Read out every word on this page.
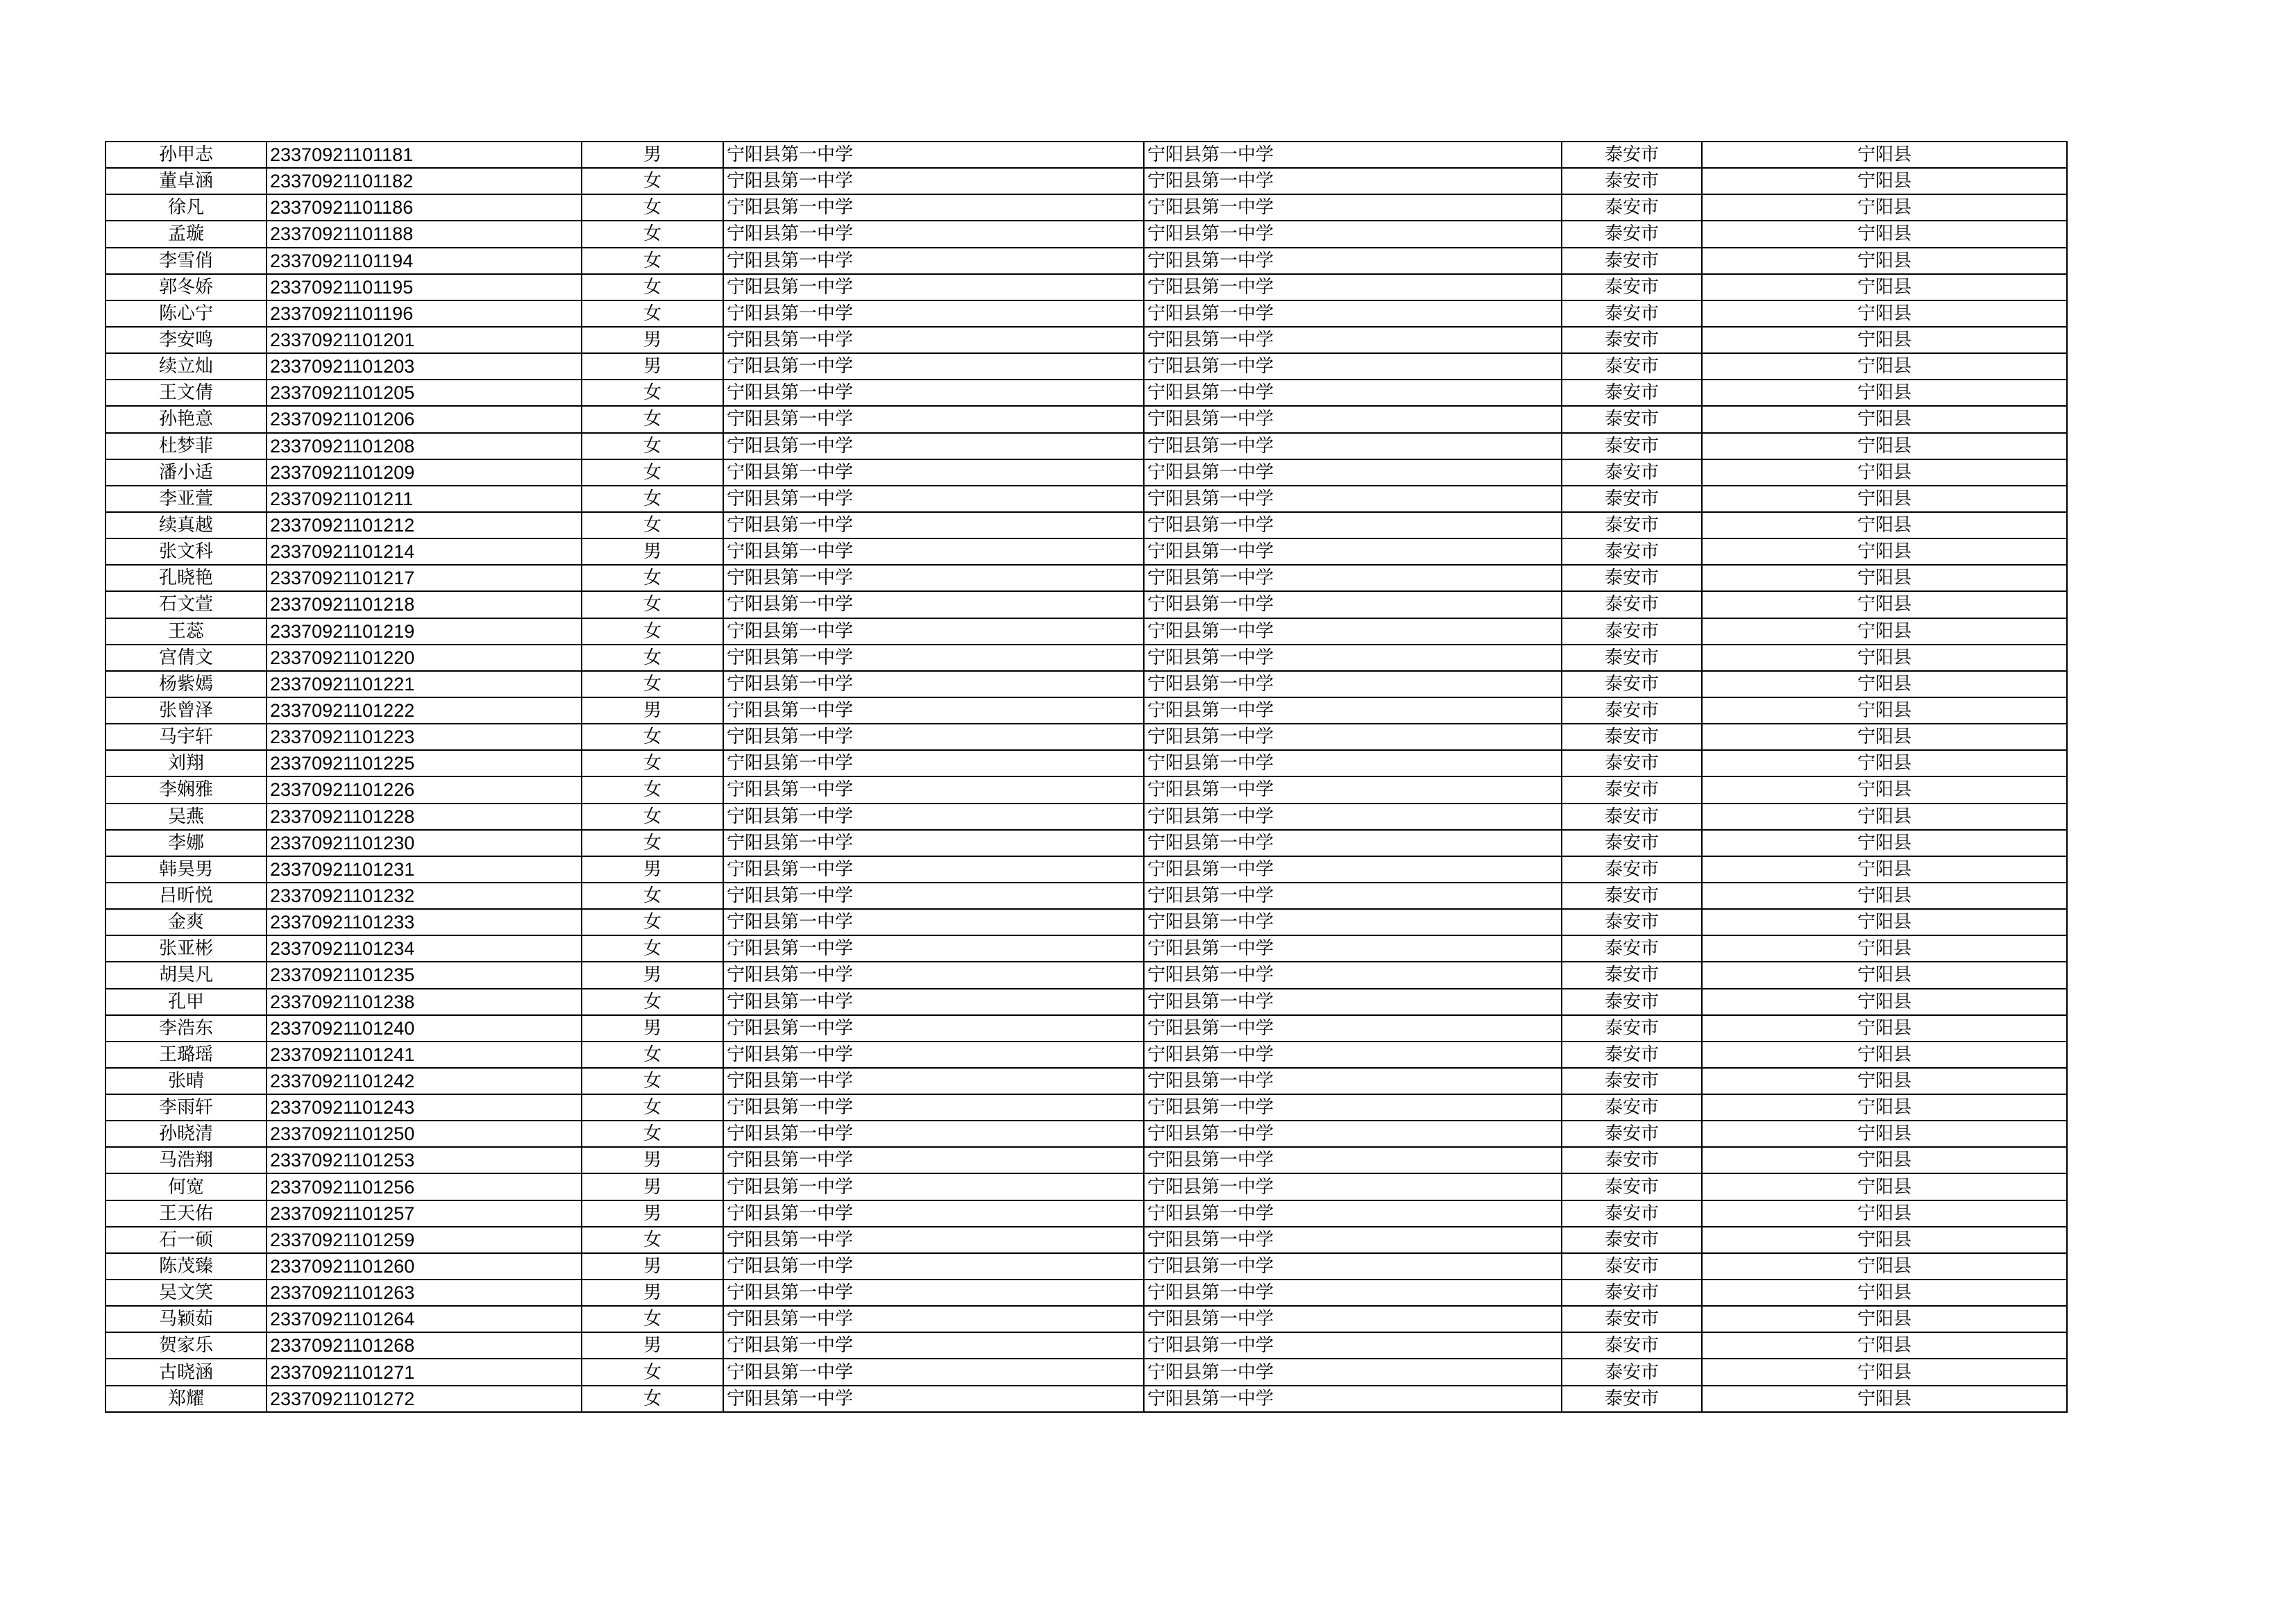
孙甲志	23370921101181	男	宁阳县第一中学	宁阳县第一中学	泰安市	宁阳县
董卓涵	23370921101182	女	宁阳县第一中学	宁阳县第一中学	泰安市	宁阳县
徐凡	23370921101186	女	宁阳县第一中学	宁阳县第一中学	泰安市	宁阳县
孟璇	23370921101188	女	宁阳县第一中学	宁阳县第一中学	泰安市	宁阳县
李雪俏	23370921101194	女	宁阳县第一中学	宁阳县第一中学	泰安市	宁阳县
郭冬娇	23370921101195	女	宁阳县第一中学	宁阳县第一中学	泰安市	宁阳县
陈心宁	23370921101196	女	宁阳县第一中学	宁阳县第一中学	泰安市	宁阳县
李安鸣	23370921101201	男	宁阳县第一中学	宁阳县第一中学	泰安市	宁阳县
续立灿	23370921101203	男	宁阳县第一中学	宁阳县第一中学	泰安市	宁阳县
王文倩	23370921101205	女	宁阳县第一中学	宁阳县第一中学	泰安市	宁阳县
孙艳意	23370921101206	女	宁阳县第一中学	宁阳县第一中学	泰安市	宁阳县
杜梦菲	23370921101208	女	宁阳县第一中学	宁阳县第一中学	泰安市	宁阳县
潘小适	23370921101209	女	宁阳县第一中学	宁阳县第一中学	泰安市	宁阳县
李亚萱	23370921101211	女	宁阳县第一中学	宁阳县第一中学	泰安市	宁阳县
续真越	23370921101212	女	宁阳县第一中学	宁阳县第一中学	泰安市	宁阳县
张文科	23370921101214	男	宁阳县第一中学	宁阳县第一中学	泰安市	宁阳县
孔晓艳	23370921101217	女	宁阳县第一中学	宁阳县第一中学	泰安市	宁阳县
石文萱	23370921101218	女	宁阳县第一中学	宁阳县第一中学	泰安市	宁阳县
王蕊	23370921101219	女	宁阳县第一中学	宁阳县第一中学	泰安市	宁阳县
宫倩文	23370921101220	女	宁阳县第一中学	宁阳县第一中学	泰安市	宁阳县
杨紫嫣	23370921101221	女	宁阳县第一中学	宁阳县第一中学	泰安市	宁阳县
张曾泽	23370921101222	男	宁阳县第一中学	宁阳县第一中学	泰安市	宁阳县
马宇轩	23370921101223	女	宁阳县第一中学	宁阳县第一中学	泰安市	宁阳县
刘翔	23370921101225	女	宁阳县第一中学	宁阳县第一中学	泰安市	宁阳县
李娴雅	23370921101226	女	宁阳县第一中学	宁阳县第一中学	泰安市	宁阳县
吴燕	23370921101228	女	宁阳县第一中学	宁阳县第一中学	泰安市	宁阳县
李娜	23370921101230	女	宁阳县第一中学	宁阳县第一中学	泰安市	宁阳县
韩昊男	23370921101231	男	宁阳县第一中学	宁阳县第一中学	泰安市	宁阳县
吕昕悦	23370921101232	女	宁阳县第一中学	宁阳县第一中学	泰安市	宁阳县
金爽	23370921101233	女	宁阳县第一中学	宁阳县第一中学	泰安市	宁阳县
张亚彬	23370921101234	女	宁阳县第一中学	宁阳县第一中学	泰安市	宁阳县
胡昊凡	23370921101235	男	宁阳县第一中学	宁阳县第一中学	泰安市	宁阳县
孔甲	23370921101238	女	宁阳县第一中学	宁阳县第一中学	泰安市	宁阳县
李浩东	23370921101240	男	宁阳县第一中学	宁阳县第一中学	泰安市	宁阳县
王璐瑶	23370921101241	女	宁阳县第一中学	宁阳县第一中学	泰安市	宁阳县
张晴	23370921101242	女	宁阳县第一中学	宁阳县第一中学	泰安市	宁阳县
李雨轩	23370921101243	女	宁阳县第一中学	宁阳县第一中学	泰安市	宁阳县
孙晓清	23370921101250	女	宁阳县第一中学	宁阳县第一中学	泰安市	宁阳县
马浩翔	23370921101253	男	宁阳县第一中学	宁阳县第一中学	泰安市	宁阳县
何宽	23370921101256	男	宁阳县第一中学	宁阳县第一中学	泰安市	宁阳县
王天佑	23370921101257	男	宁阳县第一中学	宁阳县第一中学	泰安市	宁阳县
石一硕	23370921101259	女	宁阳县第一中学	宁阳县第一中学	泰安市	宁阳县
陈茂臻	23370921101260	男	宁阳县第一中学	宁阳县第一中学	泰安市	宁阳县
吴文笑	23370921101263	男	宁阳县第一中学	宁阳县第一中学	泰安市	宁阳县
马颖茹	23370921101264	女	宁阳县第一中学	宁阳县第一中学	泰安市	宁阳县
贺家乐	23370921101268	男	宁阳县第一中学	宁阳县第一中学	泰安市	宁阳县
古晓涵	23370921101271	女	宁阳县第一中学	宁阳县第一中学	泰安市	宁阳县
郑耀	23370921101272	女	宁阳县第一中学	宁阳县第一中学	泰安市	宁阳县
